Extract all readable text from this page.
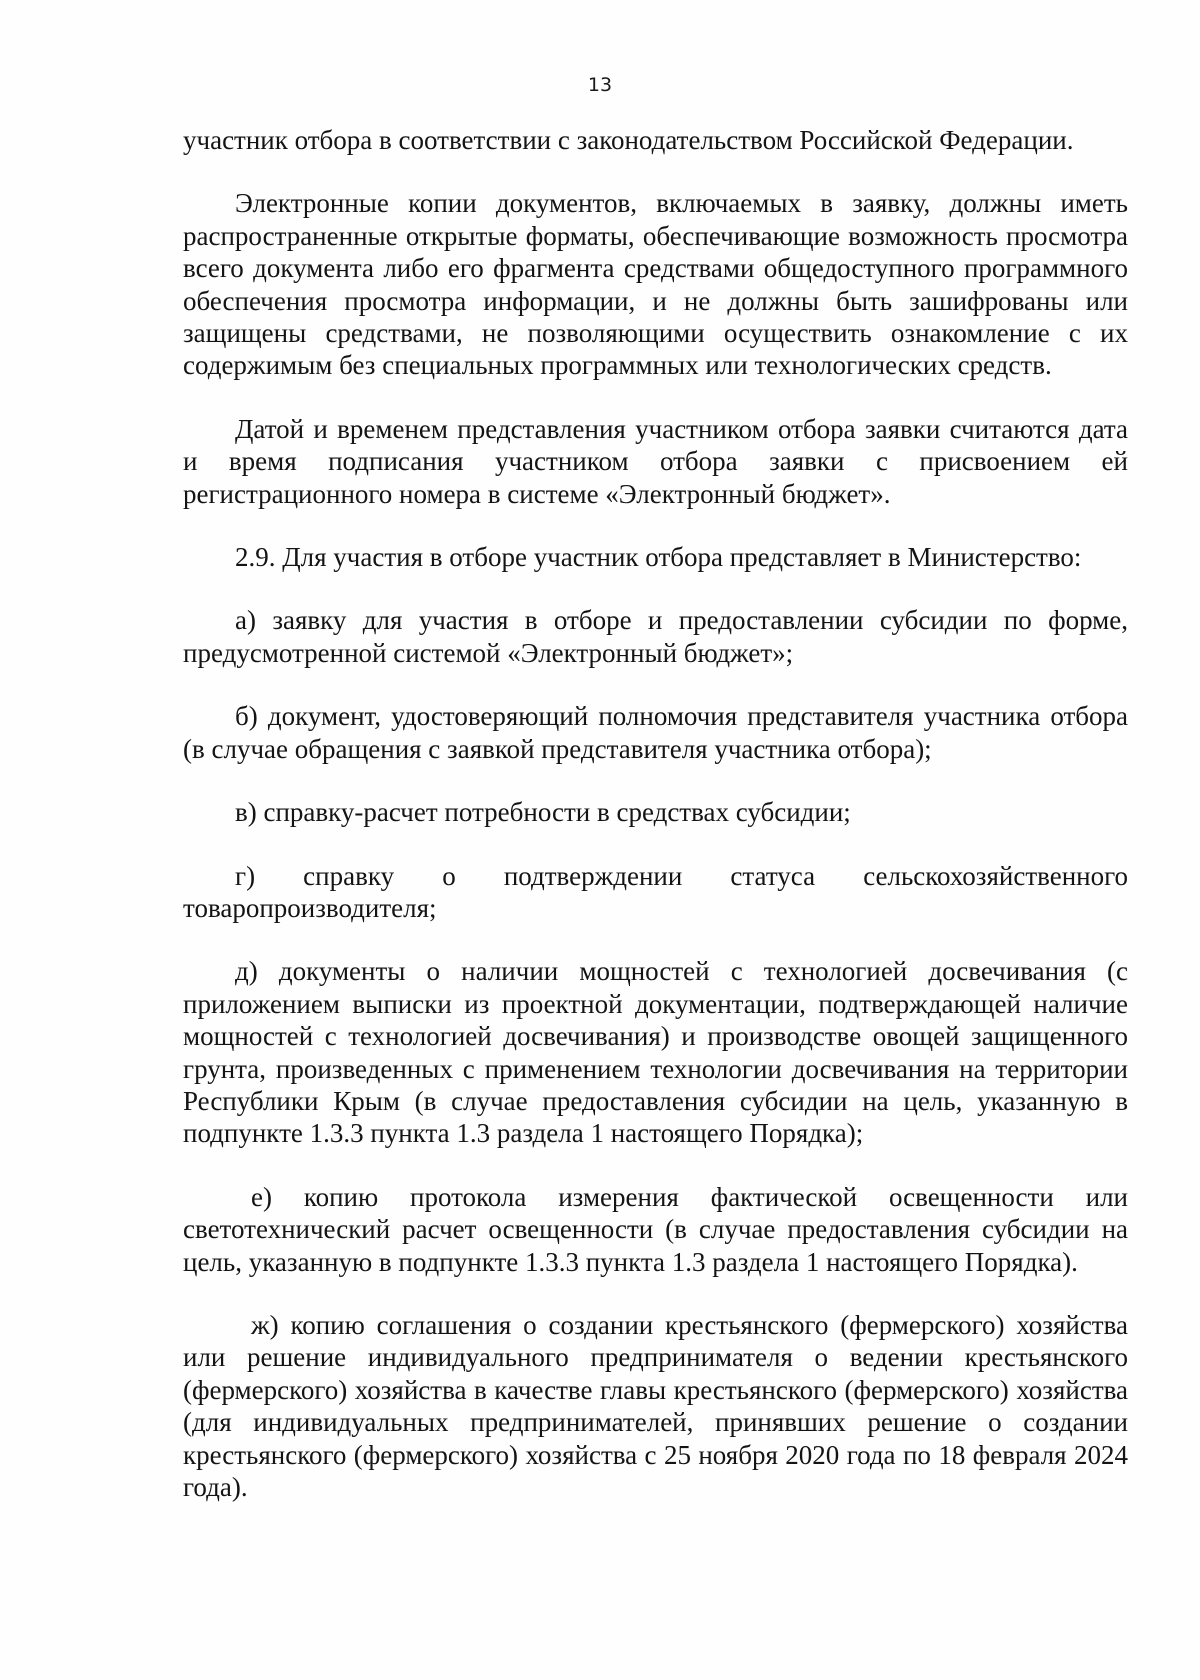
13

участник отбора в соответствии с законодательством Российской Федерации.

Электронные копии документов, включаемых в заявку, должны иметь распространенные открытые форматы, обеспечивающие возможность просмотра всего документа либо его фрагмента средствами общедоступного программного обеспечения просмотра информации, и не должны быть зашифрованы или защищены средствами, не позволяющими осуществить ознакомление с их содержимым без специальных программных или технологических средств.

Датой и временем представления участником отбора заявки считаются дата и время подписания участником отбора заявки с присвоением ей регистрационного номера в системе «Электронный бюджет».

2.9. Для участия в отборе участник отбора представляет в Министерство:

а) заявку для участия в отборе и предоставлении субсидии по форме, предусмотренной системой «Электронный бюджет»;

б) документ, удостоверяющий полномочия представителя участника отбора (в случае обращения с заявкой представителя участника отбора);

в) справку-расчет потребности в средствах субсидии;

г) справку о подтверждении статуса сельскохозяйственного товаропроизводителя;

д) документы о наличии мощностей с технологией досвечивания (с приложением выписки из проектной документации, подтверждающей наличие мощностей с технологией досвечивания) и производстве овощей защищенного грунта, произведенных с применением технологии досвечивания на территории Республики Крым (в случае предоставления субсидии на цель, указанную в подпункте 1.3.3 пункта 1.3 раздела 1 настоящего Порядка);

е) копию протокола измерения фактической освещенности или светотехнический расчет освещенности (в случае предоставления субсидии на цель, указанную в подпункте 1.3.3 пункта 1.3 раздела 1 настоящего Порядка).

ж) копию соглашения о создании крестьянского (фермерского) хозяйства или решение индивидуального предпринимателя о ведении крестьянского (фермерского) хозяйства в качестве главы крестьянского (фермерского) хозяйства (для индивидуальных предпринимателей, принявших решение о создании крестьянского (фермерского) хозяйства с 25 ноября 2020 года по 18 февраля 2024 года).
